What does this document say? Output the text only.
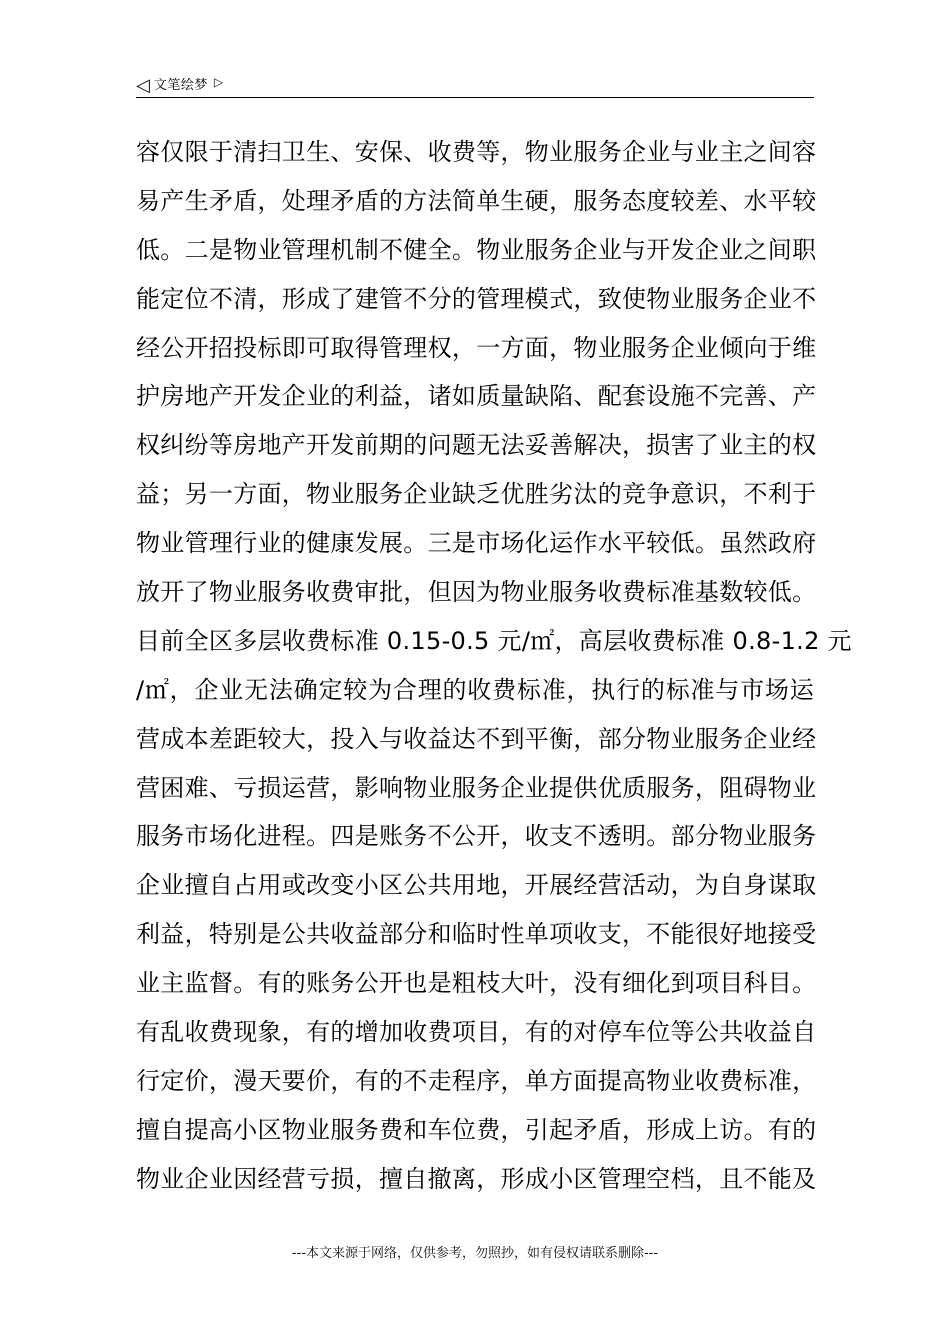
◁ 文笔绘梦 ▷
容仅限于清扫卫生、安保、收费等，物业服务企业与业主之间容
易产生矛盾，处理矛盾的方法简单生硬，服务态度较差、水平较
低。二是物业管理机制不健全。物业服务企业与开发企业之间职
能定位不清，形成了建管不分的管理模式，致使物业服务企业不
经公开招投标即可取得管理权，一方面，物业服务企业倾向于维
护房地产开发企业的利益，诸如质量缺陷、配套设施不完善、产
权纠纷等房地产开发前期的问题无法妥善解决，损害了业主的权
益；另一方面，物业服务企业缺乏优胜劣汰的竞争意识，不利于
物业管理行业的健康发展。三是市场化运作水平较低。虽然政府
放开了物业服务收费审批，但因为物业服务收费标准基数较低。
目前全区多层收费标准 0.15-0.5 元/㎡，高层收费标准 0.8-1.2 元
/㎡，企业无法确定较为合理的收费标准，执行的标准与市场运
营成本差距较大，投入与收益达不到平衡，部分物业服务企业经
营困难、亏损运营，影响物业服务企业提供优质服务，阻碍物业
服务市场化进程。四是账务不公开，收支不透明。部分物业服务
企业擅自占用或改变小区公共用地，开展经营活动，为自身谋取
利益，特别是公共收益部分和临时性单项收支，不能很好地接受
业主监督。有的账务公开也是粗枝大叶，没有细化到项目科目。
有乱收费现象，有的增加收费项目，有的对停车位等公共收益自
行定价，漫天要价，有的不走程序，单方面提高物业收费标准，
擅自提高小区物业服务费和车位费，引起矛盾，形成上访。有的
物业企业因经营亏损，擅自撤离，形成小区管理空档，且不能及
---本文来源于网络，仅供参考，勿照抄，如有侵权请联系删除---
